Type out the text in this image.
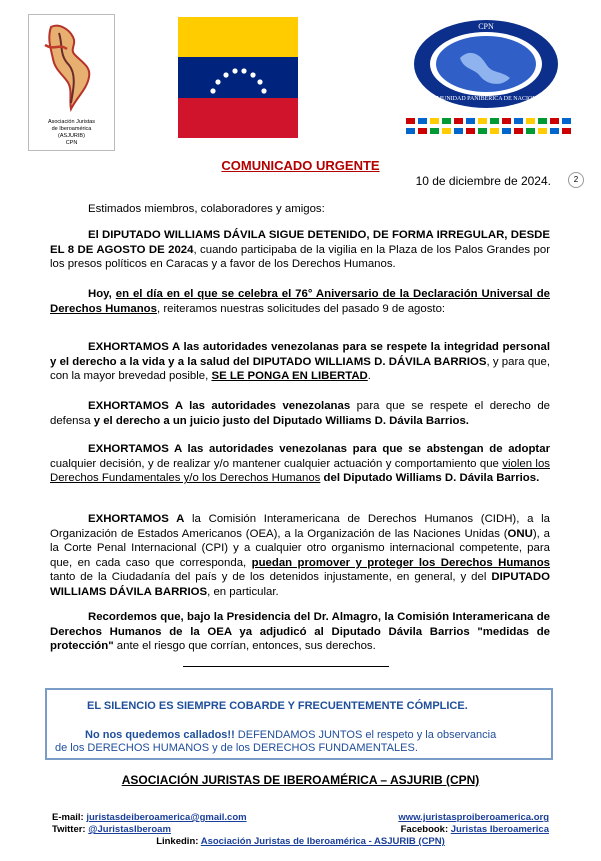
Asociación Juristas
de Iberoamérica
(ASJURIB)
CPN
CPN
COMUNIDAD PANIBÉRICA DE NACIONES
COMUNICADO URGENTE
10 de diciembre de 2024.	2
Estimados miembros, colaboradores y amigos:
El DIPUTADO WILLIAMS DÁVILA SIGUE DETENIDO, DE FORMA IRREGULAR, DESDE EL 8 DE AGOSTO DE 2024, cuando participaba de la vigilia en la Plaza de los Palos Grandes por los presos políticos en Caracas y a favor de los Derechos Humanos.
Hoy, en el día en el que se celebra el 76° Aniversario de la Declaración Universal de Derechos Humanos, reiteramos nuestras solicitudes del pasado 9 de agosto:
EXHORTAMOS A las autoridades venezolanas para se respete la integridad personal y el derecho a la vida y a la salud del DIPUTADO WILLIAMS D. DÁVILA BARRIOS, y para que, con la mayor brevedad posible, SE LE PONGA EN LIBERTAD.
EXHORTAMOS A las autoridades venezolanas para que se respete el derecho de defensa y el derecho a un juicio justo del Diputado Williams D. Dávila Barrios.
EXHORTAMOS A las autoridades venezolanas para que se abstengan de adoptar cualquier decisión, y de realizar y/o mantener cualquier actuación y comportamiento que violen los Derechos Fundamentales y/o los Derechos Humanos del Diputado Williams D. Dávila Barrios.
EXHORTAMOS A la Comisión Interamericana de Derechos Humanos (CIDH), a la Organización de Estados Americanos (OEA), a la Organización de las Naciones Unidas (ONU), a la Corte Penal Internacional (CPI) y a cualquier otro organismo internacional competente, para que, en cada caso que corresponda, puedan promover y proteger los Derechos Humanos tanto de la Ciudadanía del país y de los detenidos injustamente, en general, y del DIPUTADO WILLIAMS DÁVILA BARRIOS, en particular.
Recordemos que, bajo la Presidencia del Dr. Almagro, la Comisión Interamericana de Derechos Humanos de la OEA ya adjudicó al Diputado Dávila Barrios "medidas de protección" ante el riesgo que corrían, entonces, sus derechos.
EL SILENCIO ES SIEMPRE COBARDE Y FRECUENTEMENTE CÓMPLICE.
No nos quedemos callados!! DEFENDAMOS JUNTOS el respeto y la observancia
de los DERECHOS HUMANOS y de los DERECHOS FUNDAMENTALES.
ASOCIACIÓN JURISTAS DE IBEROAMÉRICA – ASJURIB (CPN)
E-mail: juristasdeiberoamerica@gmail.com	www.juristasproiberoamerica.org
Twitter: @JuristasIberoam	Facebook: Juristas Iberoamerica
Linkedin: Asociación Juristas de Iberoamérica - ASJURIB (CPN)
